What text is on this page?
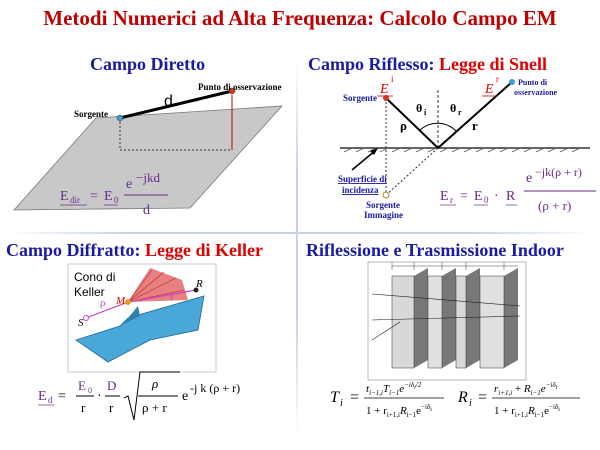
Metodi Numerici ad Alta Frequenza: Calcolo Campo EM
Campo Diretto
Sorgente
d
Punto di osservazione
E dir = E 0
e −jkd
d
Campo Riflesso: Legge di Snell
Sorgente
E
i
E
r
θ i θ r
ρ	r
Punto di
osservazione
Superficie di
incidenza
Sorgente
Immagine
E r = E 0 · R
e −jk(ρ + r)
(ρ + r)
Campo Diffratto: Legge di Keller
Cono di
Keller
M
R
S
ρ	r
E d =
E 0
r
·
D
r
ρ
ρ + r
e
-j k (ρ + r)
Riflessione e Trasmissione Indoor
T $i = t_{i-1,i}T_{i-1}e^{-i\delta}i/2$
$1 + r_{i+1,i}R_{i-1}e^{-i\delta}i$
R $i = r_{i+1,i} + R_{i-1}e^{-i\delta}i$
$1 + r_{i+1,i}R_{i-1}e^{-i\delta}i$
